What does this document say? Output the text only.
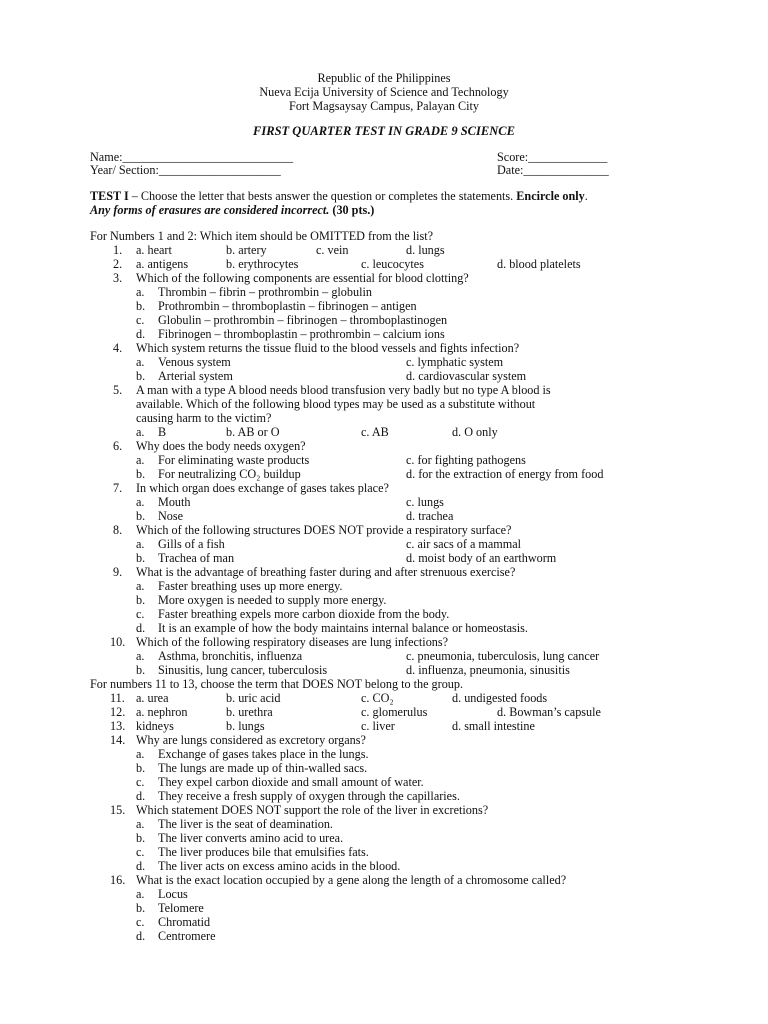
Republic of the Philippines
Nueva Ecija University of Science and Technology
Fort Magsaysay Campus, Palayan City
FIRST QUARTER TEST IN GRADE 9 SCIENCE
Name:____________________________
Year/ Section:____________________
Score:_____________
Date:______________
TEST I – Choose the letter that bests answer the question or completes the statements. Encircle only.
Any forms of erasures are considered incorrect. (30 pts.)
For Numbers 1 and 2: Which item should be OMITTED from the list?
1. a. heart	b. artery	c. vein	d. lungs
2. a. antigens	b. erythrocytes	c. leucocytes	d. blood platelets
3. Which of the following components are essential for blood clotting?
a. Thrombin – fibrin – prothrombin – globulin
b. Prothrombin – thromboplastin – fibrinogen – antigen
c. Globulin – prothrombin – fibrinogen – thromboplastinogen
d. Fibrinogen – thromboplastin – prothrombin – calcium ions
4. Which system returns the tissue fluid to the blood vessels and fights infection?
a. Venous system	c. lymphatic system
b. Arterial system	d. cardiovascular system
5. A man with a type A blood needs blood transfusion very badly but no type A blood is
available. Which of the following blood types may be used as a substitute without
causing harm to the victim?
a. B	b. AB or O	c. AB	d. O only
6. Why does the body needs oxygen?
a. For eliminating waste products	c. for fighting pathogens
b. For neutralizing CO₂ buildup	d. for the extraction of energy from food
7. In which organ does exchange of gases takes place?
a. Mouth	c. lungs
b. Nose	d. trachea
8. Which of the following structures DOES NOT provide a respiratory surface?
a. Gills of a fish	c. air sacs of a mammal
b. Trachea of man	d. moist body of an earthworm
9. What is the advantage of breathing faster during and after strenuous exercise?
a. Faster breathing uses up more energy.
b. More oxygen is needed to supply more energy.
c. Faster breathing expels more carbon dioxide from the body.
d. It is an example of how the body maintains internal balance or homeostasis.
10. Which of the following respiratory diseases are lung infections?
a. Asthma, bronchitis, influenza	c. pneumonia, tuberculosis, lung cancer
b. Sinusitis, lung cancer, tuberculosis	d. influenza, pneumonia, sinusitis
For numbers 11 to 13, choose the term that DOES NOT belong to the group.
11. a. urea	b. uric acid	c. CO₂	d. undigested foods
12. a. nephron	b. urethra	c. glomerulus	d. Bowman’s capsule
13. kidneys	b. lungs	c. liver	d. small intestine
14. Why are lungs considered as excretory organs?
a. Exchange of gases takes place in the lungs.
b. The lungs are made up of thin-walled sacs.
c. They expel carbon dioxide and small amount of water.
d. They receive a fresh supply of oxygen through the capillaries.
15. Which statement DOES NOT support the role of the liver in excretions?
a. The liver is the seat of deamination.
b. The liver converts amino acid to urea.
c. The liver produces bile that emulsifies fats.
d. The liver acts on excess amino acids in the blood.
16. What is the exact location occupied by a gene along the length of a chromosome called?
a. Locus
b. Telomere
c. Chromatid
d. Centromere
